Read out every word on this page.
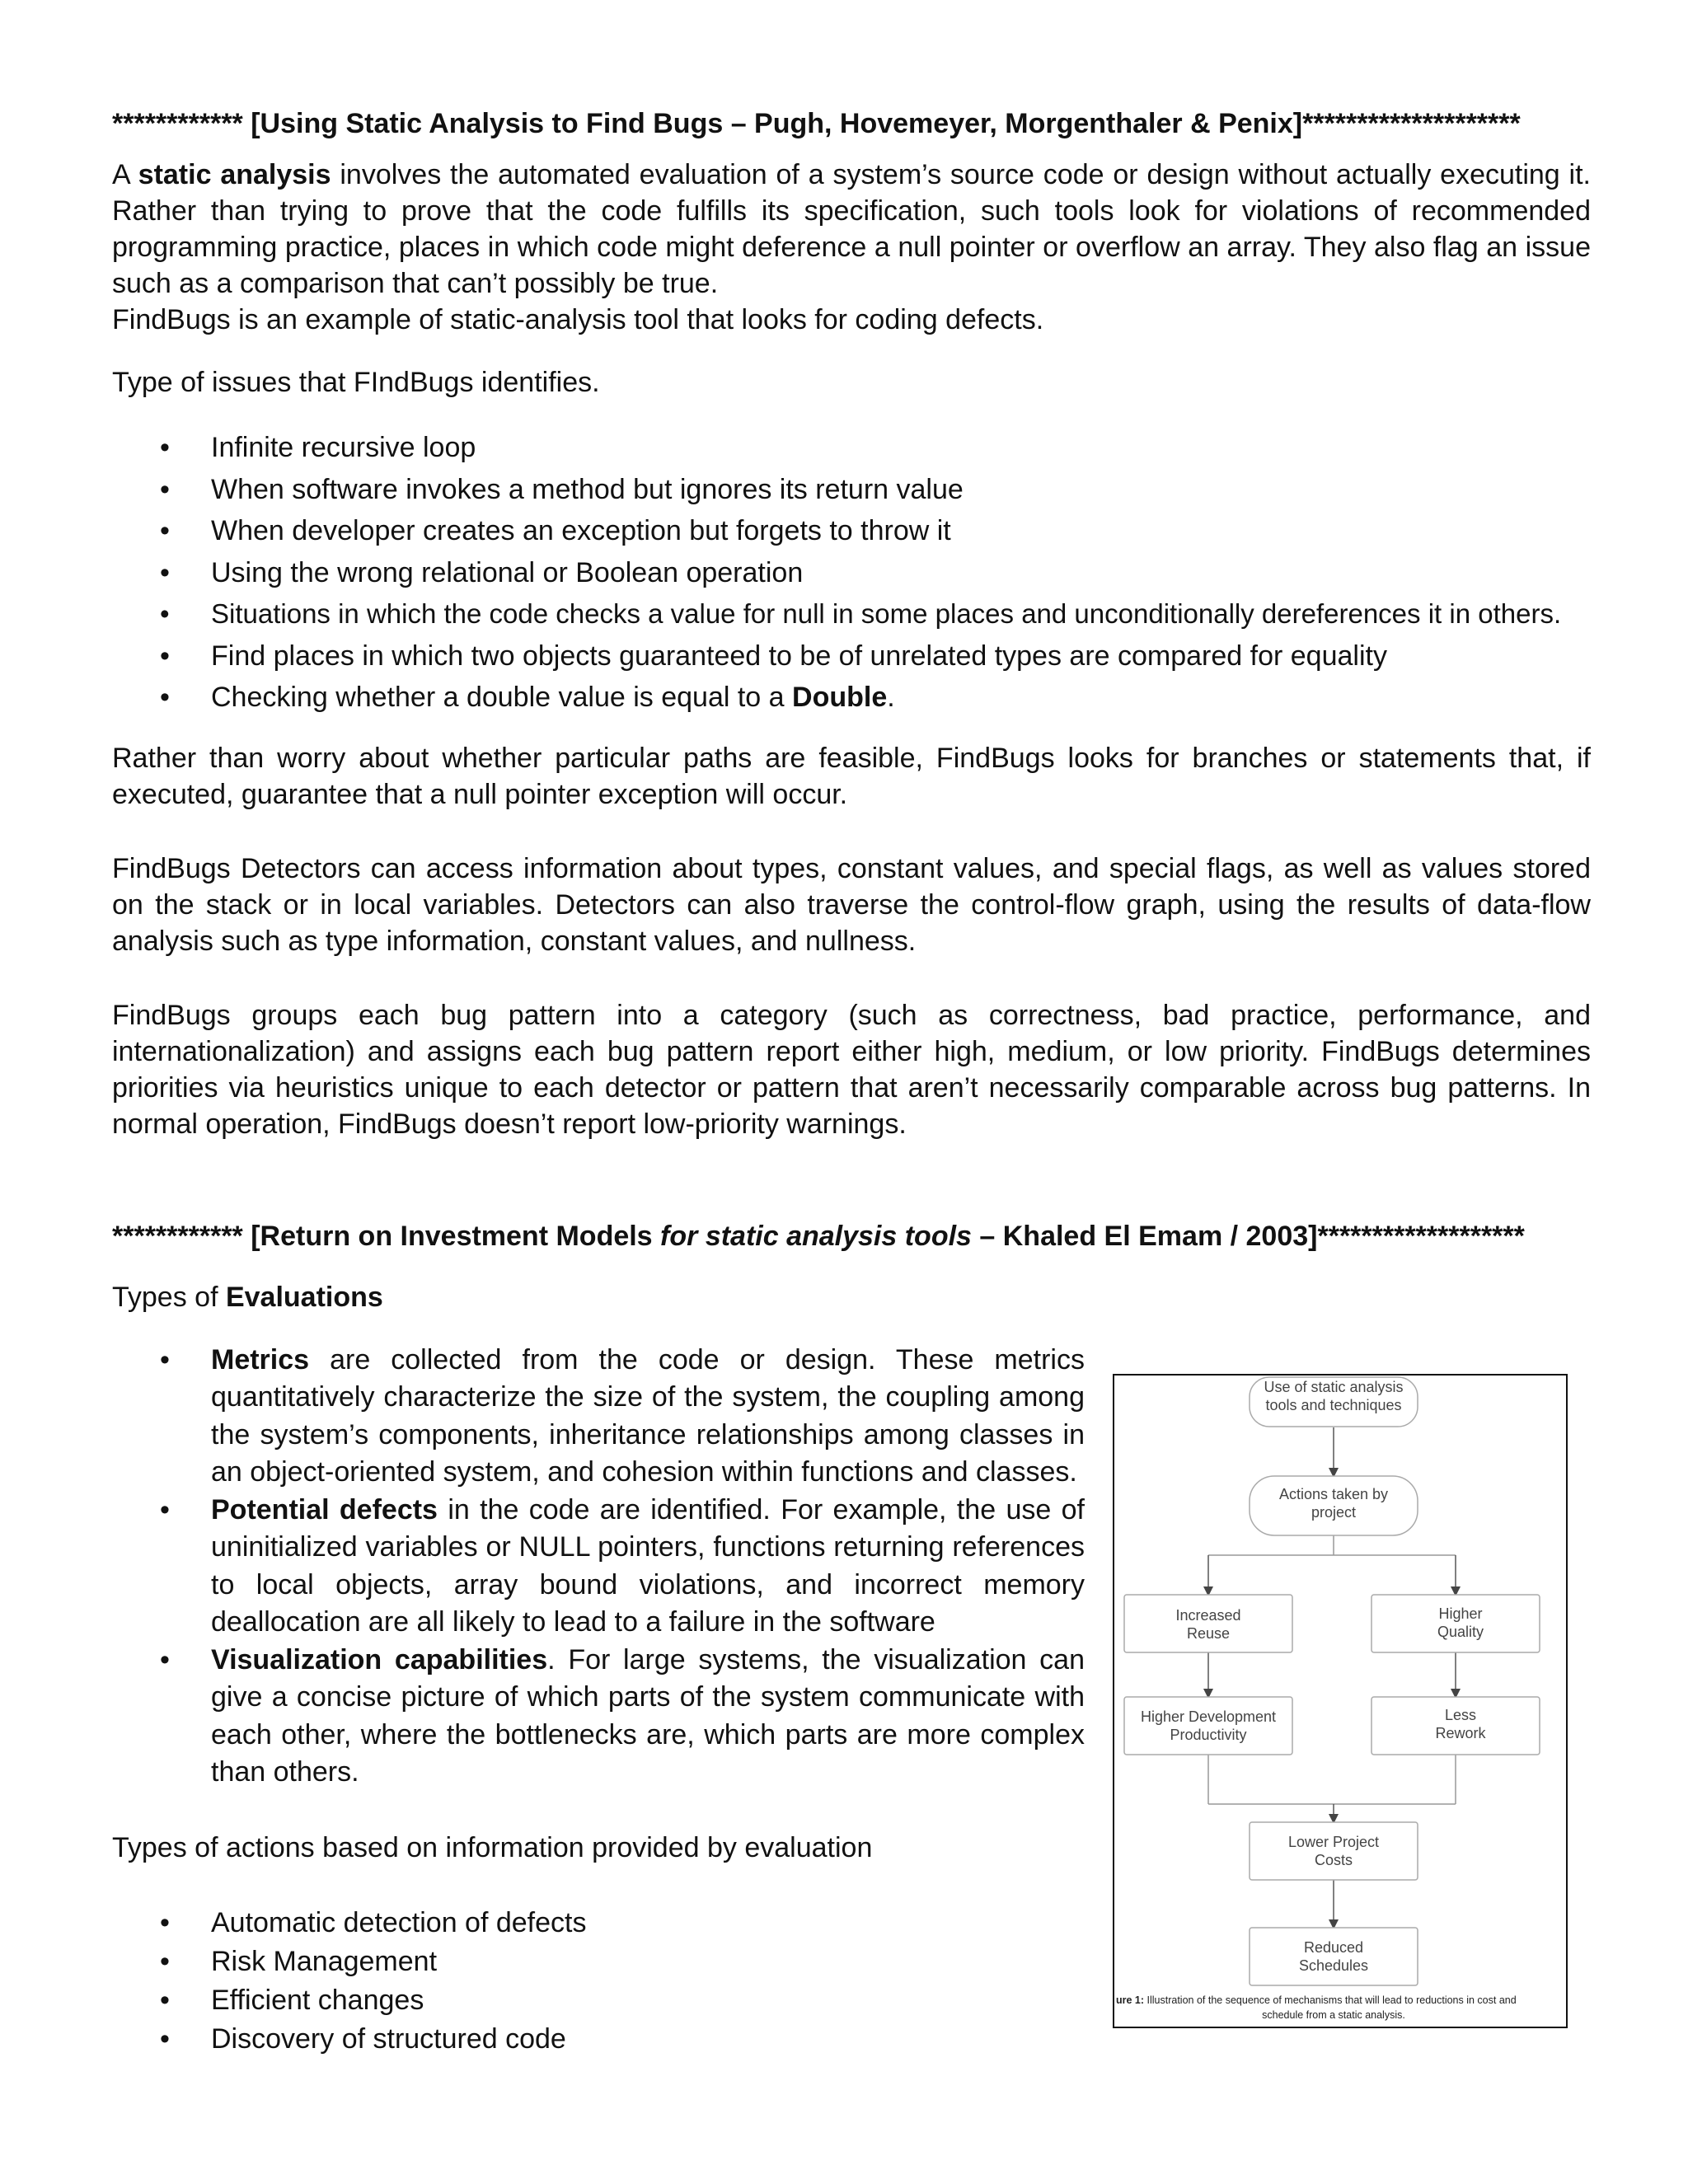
************ [Using Static Analysis to Find Bugs – Pugh, Hovemeyer, Morgenthaler & Penix]********************

A static analysis involves the automated evaluation of a system’s source code or design without actually executing it. Rather than trying to prove that the code fulfills its specification, such tools look for violations of recommended programming practice, places in which code might deference a null pointer or overflow an array. They also flag an issue such as a comparison that can’t possibly be true.

FindBugs is an example of static-analysis tool that looks for coding defects.

Type of issues that FIndBugs identifies.

• Infinite recursive loop
• When software invokes a method but ignores its return value
• When developer creates an exception but forgets to throw it
• Using the wrong relational or Boolean operation
• Situations in which the code checks a value for null in some places and unconditionally dereferences it in others.
• Find places in which two objects guaranteed to be of unrelated types are compared for equality
• Checking whether a double value is equal to a Double.

Rather than worry about whether particular paths are feasible, FindBugs looks for branches or statements that, if executed, guarantee that a null pointer exception will occur.

FindBugs Detectors can access information about types, constant values, and special flags, as well as values stored on the stack or in local variables. Detectors can also traverse the control-flow graph, using the results of data-flow analysis such as type information, constant values, and nullness.

FindBugs groups each bug pattern into a category (such as correctness, bad practice, performance, and internationalization) and assigns each bug pattern report either high, medium, or low priority. FindBugs determines priorities via heuristics unique to each detector or pattern that aren’t necessarily comparable across bug patterns. In normal operation, FindBugs doesn’t report low-priority warnings.

************ [Return on Investment Models for static analysis tools – Khaled El Emam / 2003]*******************

Types of Evaluations

• Metrics are collected from the code or design. These metrics quantitatively characterize the size of the system, the coupling among the system’s components, inheritance relationships among classes in an object-oriented system, and cohesion within functions and classes.
• Potential defects in the code are identified. For example, the use of uninitialized variables or NULL pointers, functions returning references to local objects, array bound violations, and incorrect memory deallocation are all likely to lead to a failure in the software
• Visualization capabilities. For large systems, the visualization can give a concise picture of which parts of the system communicate with each other, where the bottlenecks are, which parts are more complex than others.

Types of actions based on information provided by evaluation

• Automatic detection of defects
• Risk Management
• Efficient changes
• Discovery of structured code
Use of static analysis
tools and techniques
Actions taken by
project
Increased
Reuse
Higher
Quality
Higher Development
Productivity
Less
Rework
Lower Project
Costs
Reduced
Schedules
ure 1: Illustration of the sequence of mechanisms that will lead to reductions in cost and
schedule from a static analysis.
